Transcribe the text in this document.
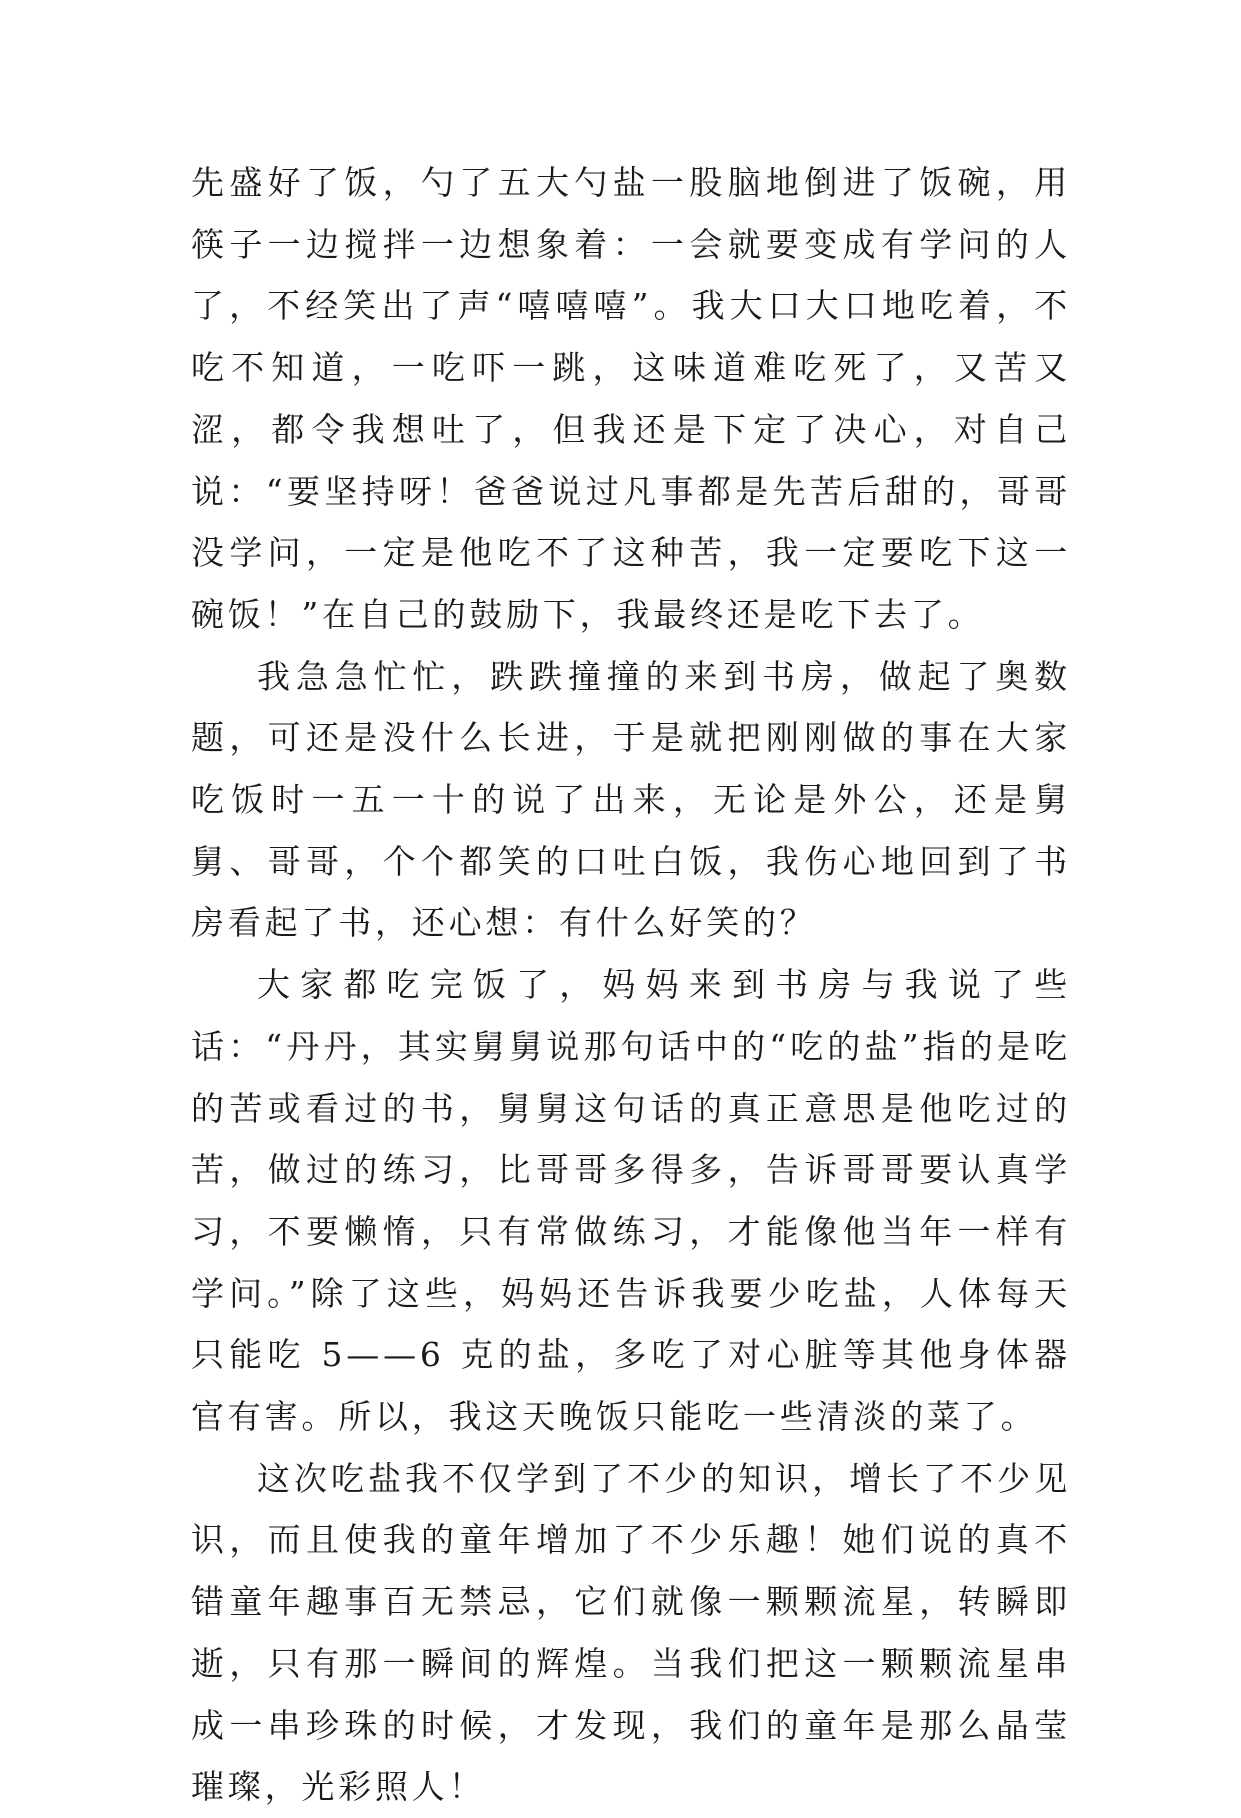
先盛好了饭，勺了五大勺盐一股脑地倒进了饭碗，用筷子一边搅拌一边想象着：一会就要变成有学问的人了，不经笑出了声“嘻嘻嘻”。我大口大口地吃着，不吃不知道，一吃吓一跳，这味道难吃死了，又苦又涩，都令我想吐了，但我还是下定了决心，对自己说：“要坚持呀！爸爸说过凡事都是先苦后甜的，哥哥没学问，一定是他吃不了这种苦，我一定要吃下这一碗饭！”在自己的鼓励下，我最终还是吃下去了。

我急急忙忙，跌跌撞撞的来到书房，做起了奥数题，可还是没什么长进，于是就把刚刚做的事在大家吃饭时一五一十的说了出来，无论是外公，还是舅舅、哥哥，个个都笑的口吐白饭，我伤心地回到了书房看起了书，还心想：有什么好笑的？

大家都吃完饭了，妈妈来到书房与我说了些话：“丹丹，其实舅舅说那句话中的“吃的盐”指的是吃的苦或看过的书，舅舅这句话的真正意思是他吃过的苦，做过的练习，比哥哥多得多，告诉哥哥要认真学习，不要懒惰，只有常做练习，才能像他当年一样有学问。”除了这些，妈妈还告诉我要少吃盐，人体每天只能吃 5——6 克的盐，多吃了对心脏等其他身体器官有害。所以，我这天晚饭只能吃一些清淡的菜了。

这次吃盐我不仅学到了不少的知识，增长了不少见识，而且使我的童年增加了不少乐趣！她们说的真不错童年趣事百无禁忌，它们就像一颗颗流星，转瞬即逝，只有那一瞬间的辉煌。当我们把这一颗颗流星串成一串珍珠的时候，才发现，我们的童年是那么晶莹璀璨，光彩照人！
